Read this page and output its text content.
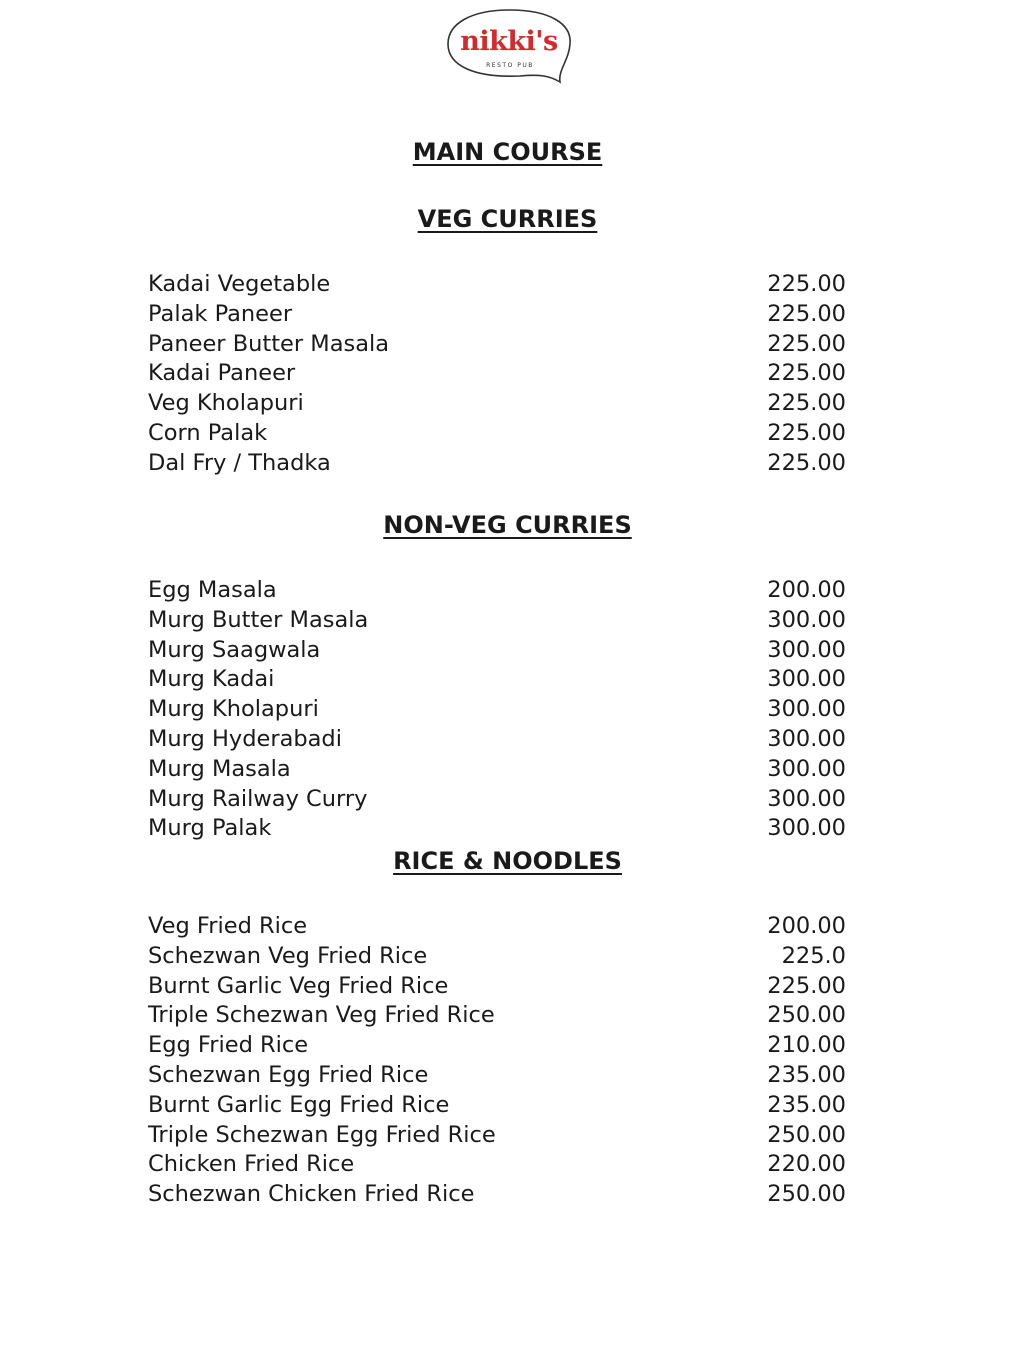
nikki's
RESTO PUB
MAIN COURSE
VEG CURRIES
Kadai Vegetable	225.00
Palak Paneer	225.00
Paneer Butter Masala	225.00
Kadai Paneer	225.00
Veg Kholapuri	225.00
Corn Palak	225.00
Dal Fry / Thadka	225.00
NON-VEG CURRIES
Egg Masala	200.00
Murg Butter Masala	300.00
Murg Saagwala	300.00
Murg Kadai	300.00
Murg Kholapuri	300.00
Murg Hyderabadi	300.00
Murg Masala	300.00
Murg Railway Curry	300.00
Murg Palak	300.00
RICE & NOODLES
Veg Fried Rice	200.00
Schezwan Veg Fried Rice	225.0
Burnt Garlic Veg Fried Rice	225.00
Triple Schezwan Veg Fried Rice	250.00
Egg Fried Rice	210.00
Schezwan Egg Fried Rice	235.00
Burnt Garlic Egg Fried Rice	235.00
Triple Schezwan Egg Fried Rice	250.00
Chicken Fried Rice	220.00
Schezwan Chicken Fried Rice	250.00
